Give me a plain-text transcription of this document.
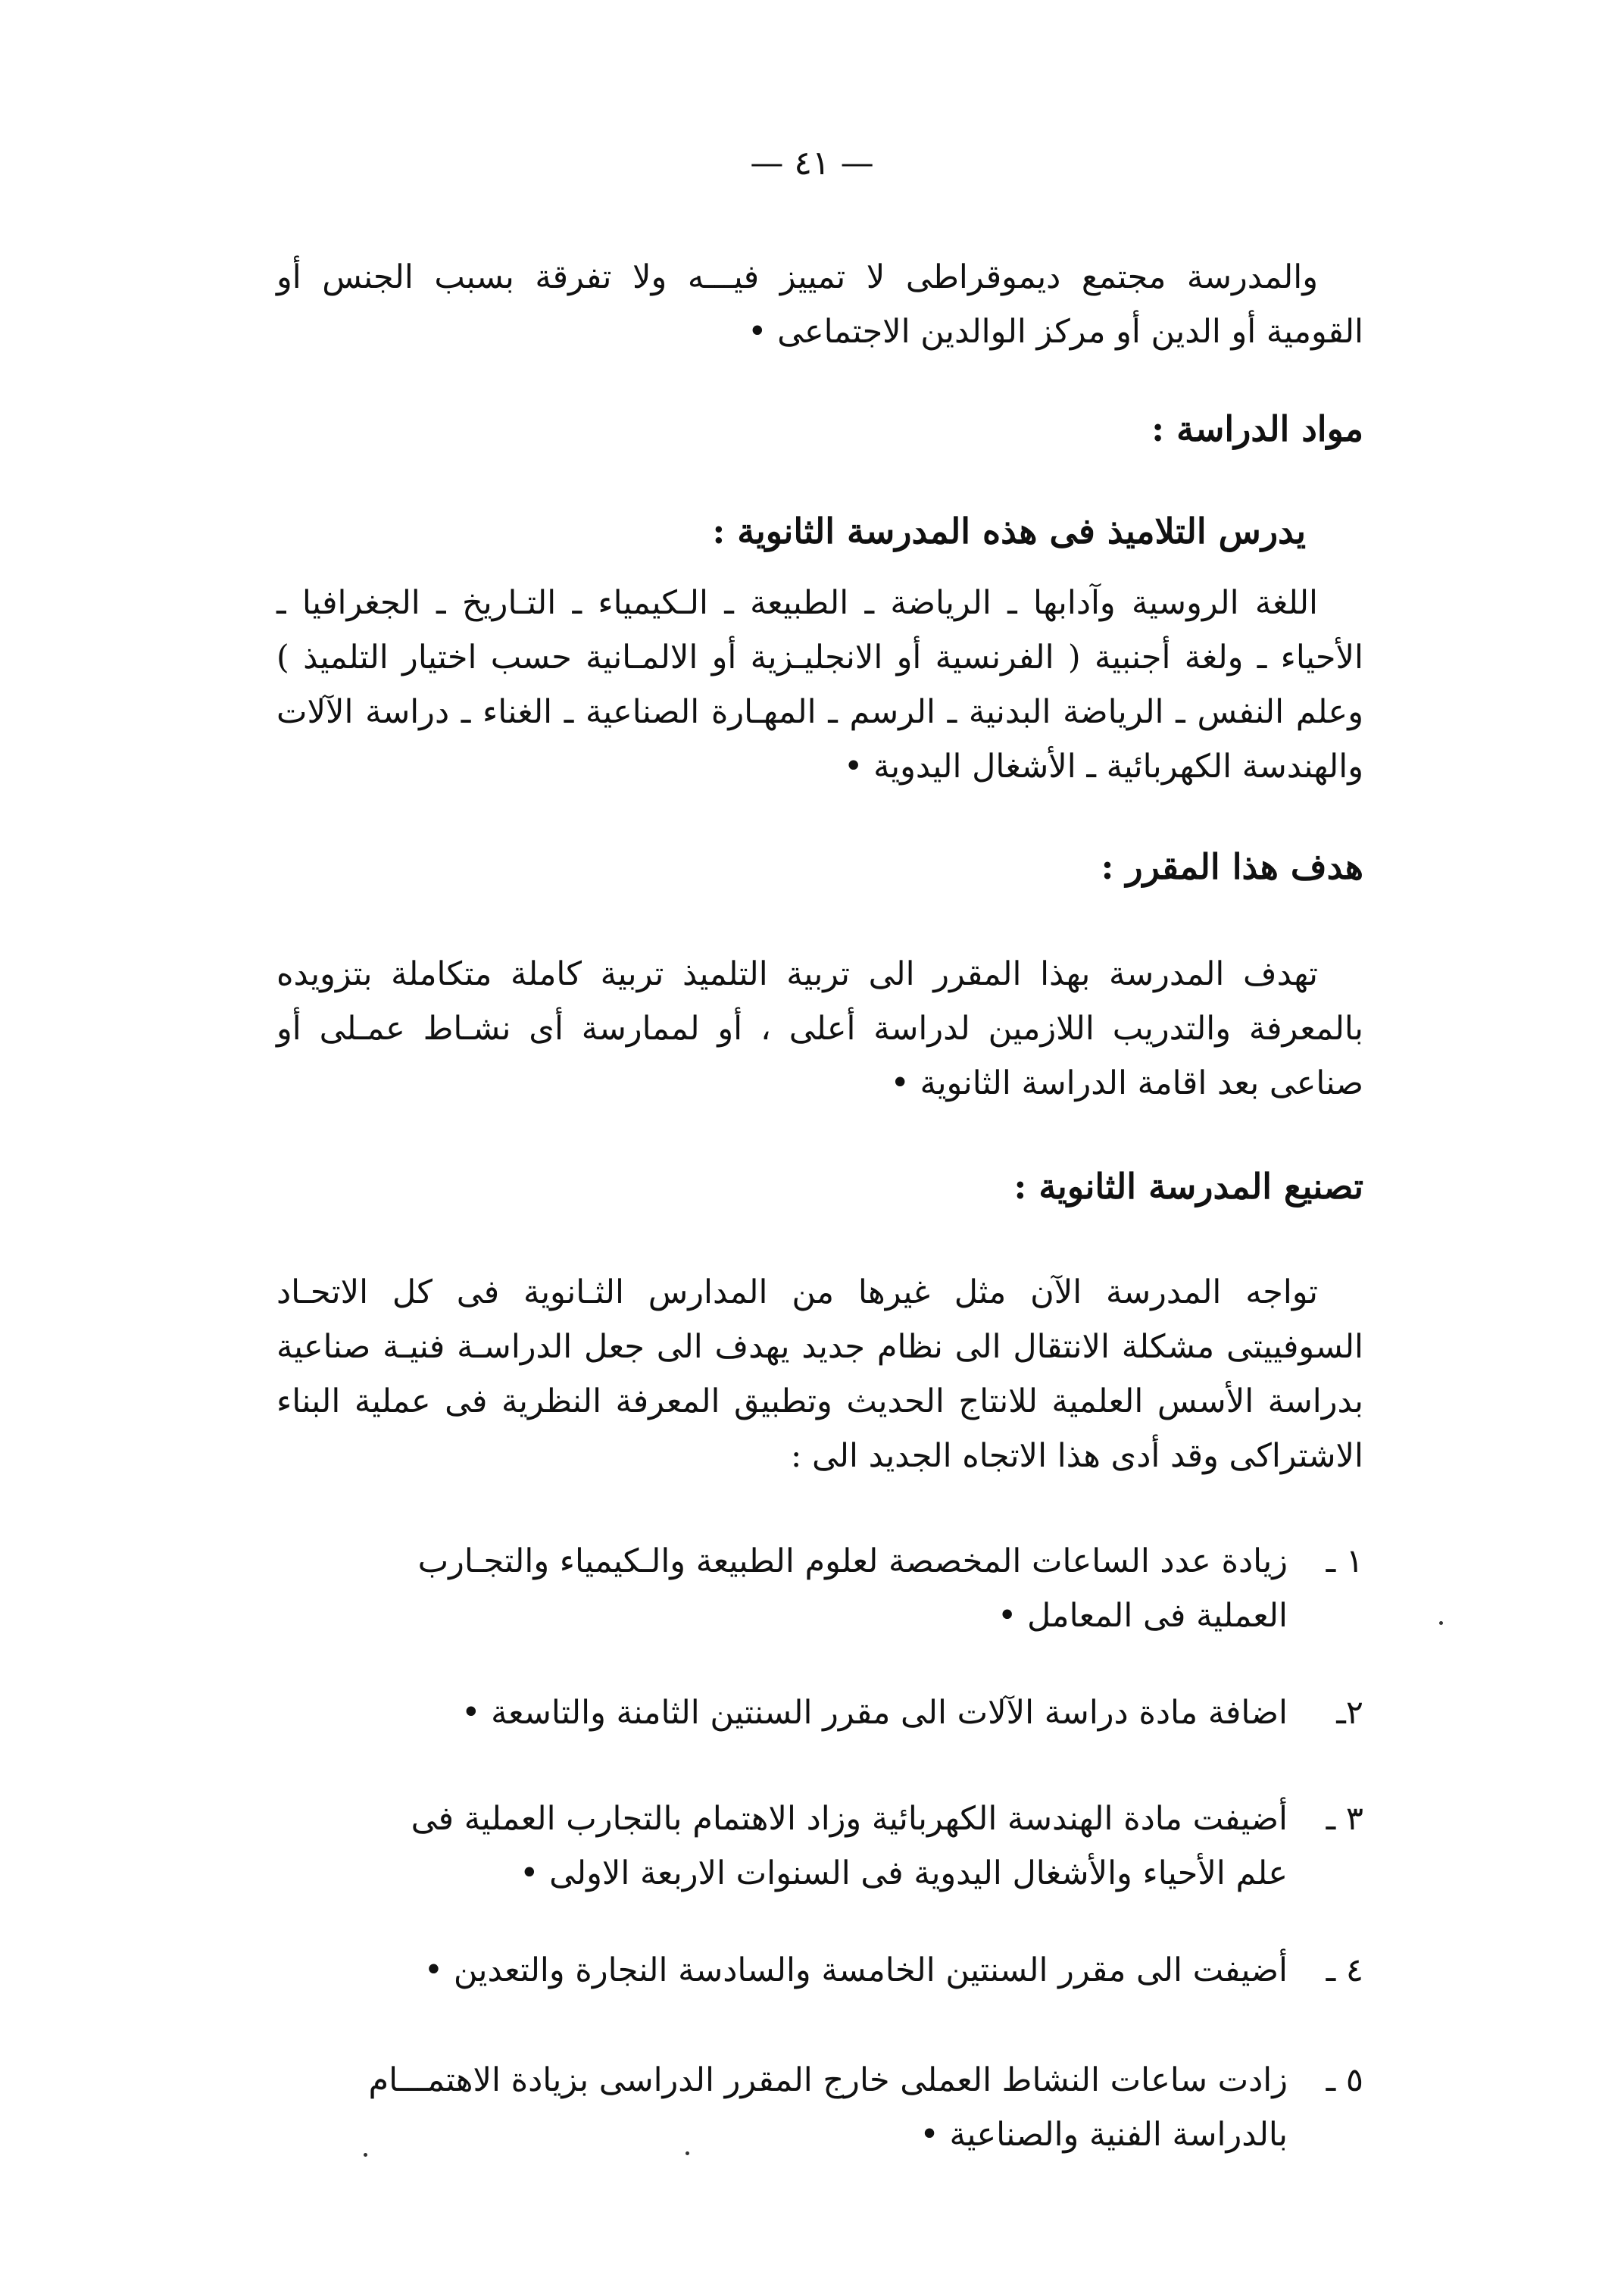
— ٤١ —
والمدرسة مجتمع ديموقراطى لا تمييز فيـــه ولا تفرقة بسبب الجنس أو القومية أو الدين أو مركز الوالدين الاجتماعى •
مواد الدراسة :
يدرس التلاميذ فى هذه المدرسة الثانوية :
اللغة الروسية وآدابها ـ الرياضة ـ الطبيعة ـ الـكيمياء ـ التـاريخ ـ الجغرافيا ـ الأحياء ـ ولغة أجنبية ( الفرنسية أو الانجليـزية أو الالمـانية حسب اختيار التلميذ ) وعلم النفس ـ الرياضة البدنية ـ الرسم ـ المهـارة الصناعية ـ الغناء ـ دراسة الآلات والهندسة الكهربائية ـ الأشغال اليدوية •
هدف هذا المقرر :
تهدف المدرسة بهذا المقرر الى تربية التلميذ تربية كاملة متكاملة بتزويده بالمعرفة والتدريب اللازمين لدراسة أعلى ، أو لممارسة أى نشـاط عمـلى أو صناعى بعد اقامة الدراسة الثانوية •
تصنيع المدرسة الثانوية :
تواجه المدرسة الآن مثل غيرها من المدارس الثـانوية فى كل الاتحـاد السوفييتى مشكلة الانتقال الى نظام جديد يهدف الى جعل الدراسـة فنيـة صناعية بدراسة الأسس العلمية للانتاج الحديث وتطبيق المعرفة النظرية فى عملية البناء الاشتراكى وقد أدى هذا الاتجاه الجديد الى :
١ ـزيادة عدد الساعات المخصصة لعلوم الطبيعة والـكيمياء والتجـارب
العملية فى المعامل •
٢ـاضافة مادة دراسة الآلات الى مقرر السنتين الثامنة والتاسعة •
٣ ـأضيفت مادة الهندسة الكهربائية وزاد الاهتمام بالتجارب العملية فى
علم الأحياء والأشغال اليدوية فى السنوات الاربعة الاولى •
٤ ـأضيفت الى مقرر السنتين الخامسة والسادسة النجارة والتعدين •
٥ ـزادت ساعات النشاط العملى خارج المقرر الدراسى بزيادة الاهتمـــام
بالدراسة الفنية والصناعية •
